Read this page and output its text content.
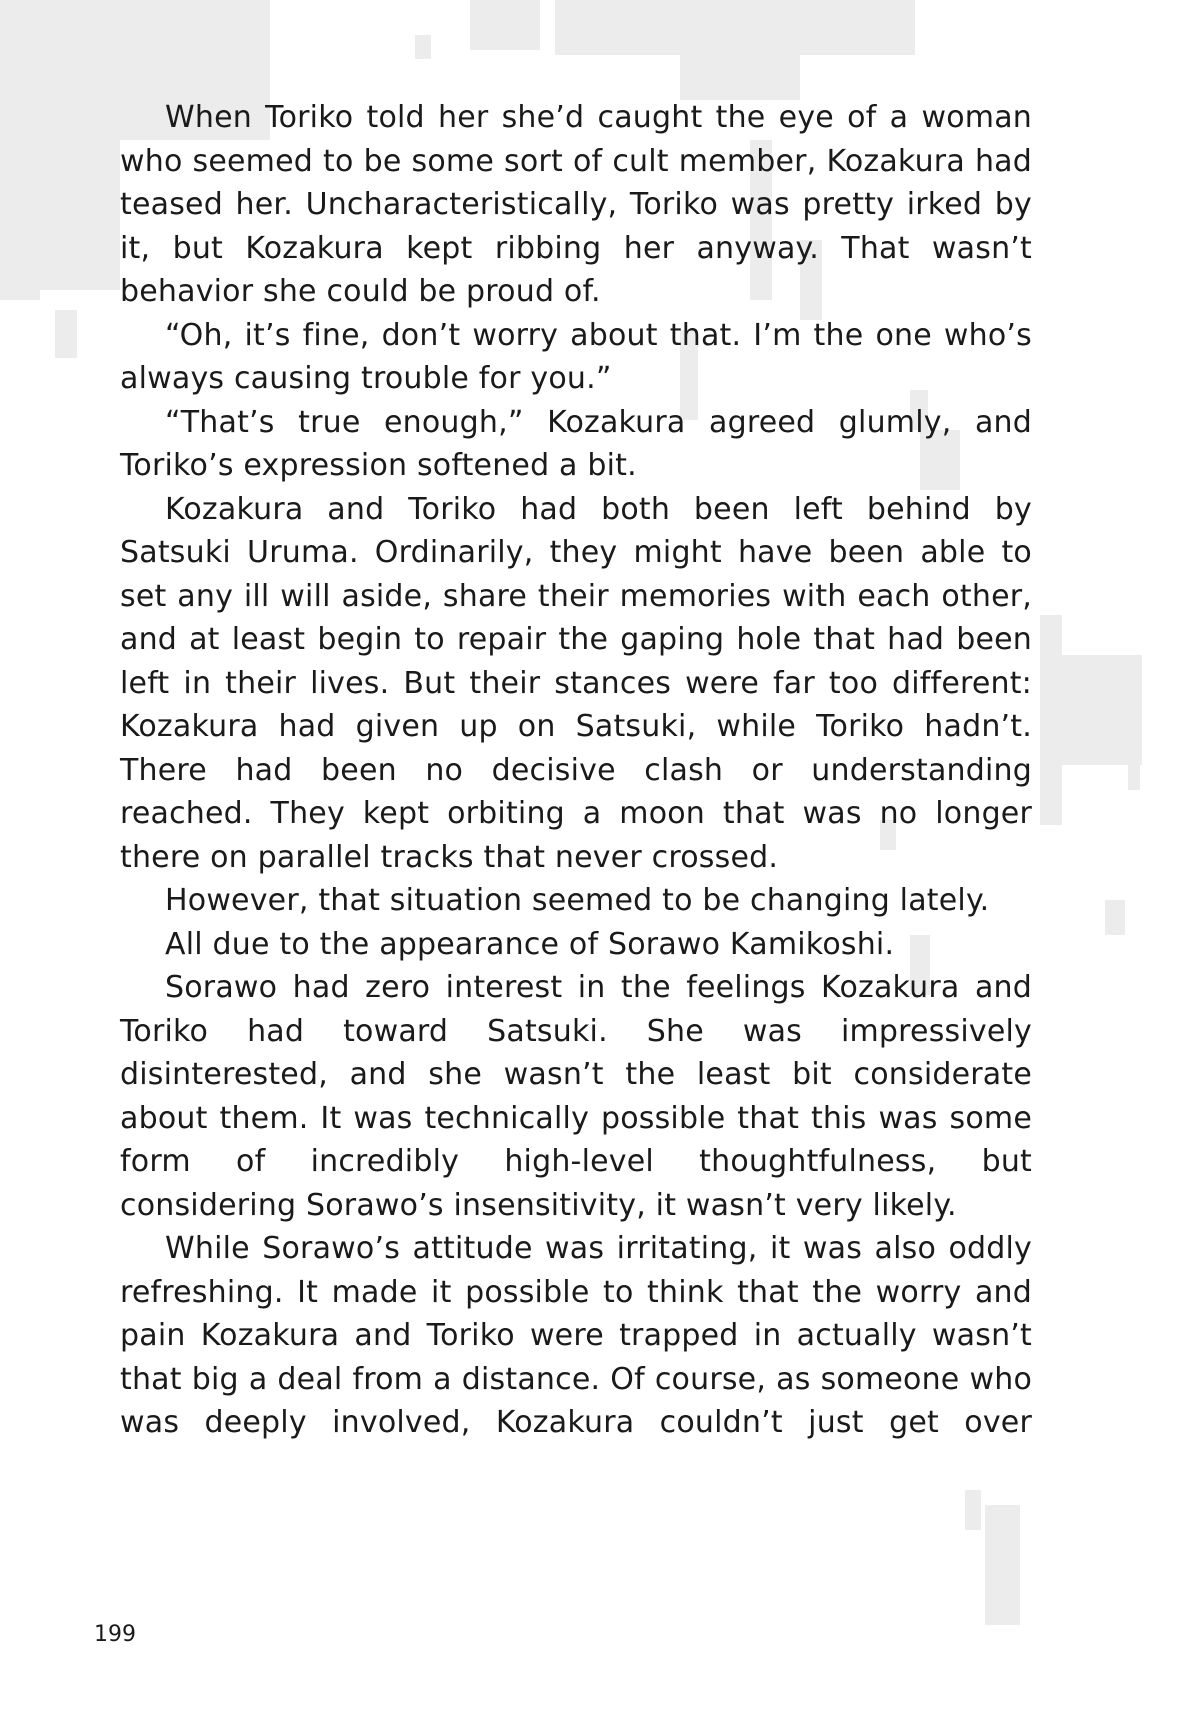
When Toriko told her she’d caught the eye of a woman who seemed to be some sort of cult member, Kozakura had teased her. Uncharacteristically, Toriko was pretty irked by it, but Kozakura kept ribbing her anyway. That wasn’t behavior she could be proud of.

“Oh, it’s fine, don’t worry about that. I’m the one who’s always causing trouble for you.”

“That’s true enough,” Kozakura agreed glumly, and Toriko’s expression softened a bit.

Kozakura and Toriko had both been left behind by Satsuki Uruma. Ordinarily, they might have been able to set any ill will aside, share their memories with each other, and at least begin to repair the gaping hole that had been left in their lives. But their stances were far too different: Kozakura had given up on Satsuki, while Toriko hadn’t. There had been no decisive clash or understanding reached. They kept orbiting a moon that was no longer there on parallel tracks that never crossed.

However, that situation seemed to be changing lately.

All due to the appearance of Sorawo Kamikoshi.

Sorawo had zero interest in the feelings Kozakura and Toriko had toward Satsuki. She was impressively disinterested, and she wasn’t the least bit considerate about them. It was technically possible that this was some form of incredibly high-level thoughtfulness, but considering Sorawo’s insensitivity, it wasn’t very likely.

While Sorawo’s attitude was irritating, it was also oddly refreshing. It made it possible to think that the worry and pain Kozakura and Toriko were trapped in actually wasn’t that big a deal from a distance. Of course, as someone who was deeply involved, Kozakura couldn’t just get over

199
